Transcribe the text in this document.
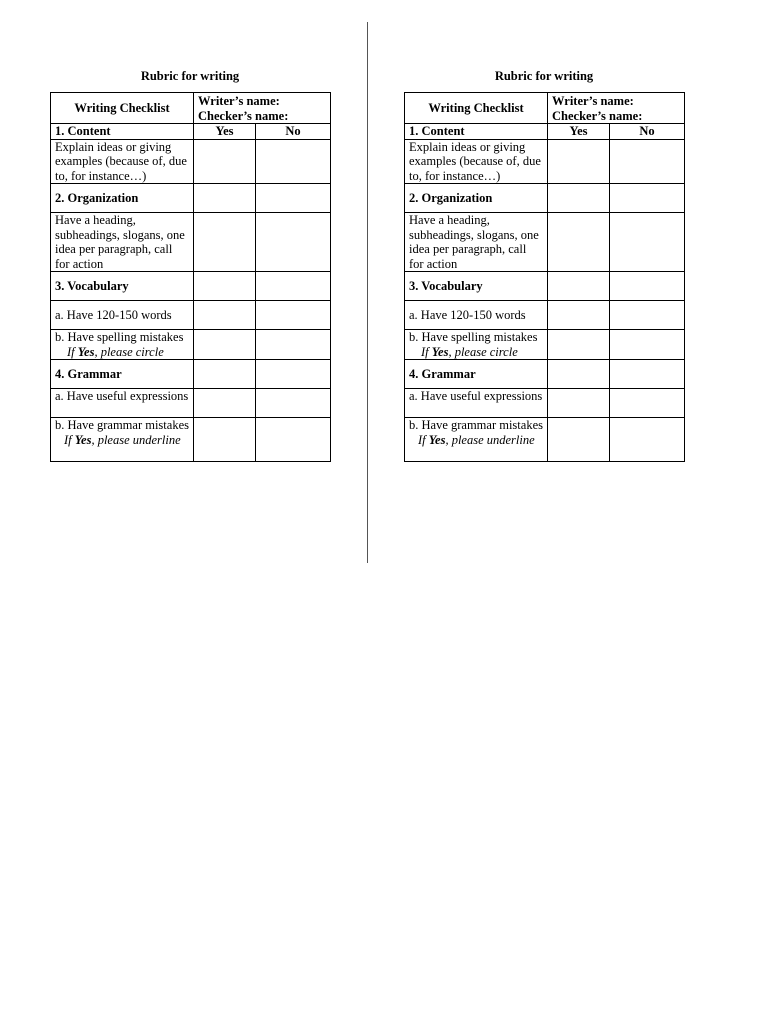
Rubric for writing
Writing Checklist	Writer’s name:
Checker’s name:	

1. Content	Yes	No
Explain ideas or giving examples (because of, due to, for instance…)		
2. Organization		
Have a heading, subheadings, slogans, one idea per paragraph, call for action		
3. Vocabulary		
a. Have 120-150 words		
b. Have spelling mistakes
If Yes, please circle		

4. Grammar		
a. Have useful expressions		
b. Have grammar mistakes
If Yes, please underline		

Rubric for writing
Writing Checklist	Writer’s name:
Checker’s name:	

1. Content	Yes	No
Explain ideas or giving examples (because of, due to, for instance…)		
2. Organization		
Have a heading, subheadings, slogans, one idea per paragraph, call for action		
3. Vocabulary		
a. Have 120-150 words		
b. Have spelling mistakes
If Yes, please circle		

4. Grammar		
a. Have useful expressions		
b. Have grammar mistakes
If Yes, please underline		
